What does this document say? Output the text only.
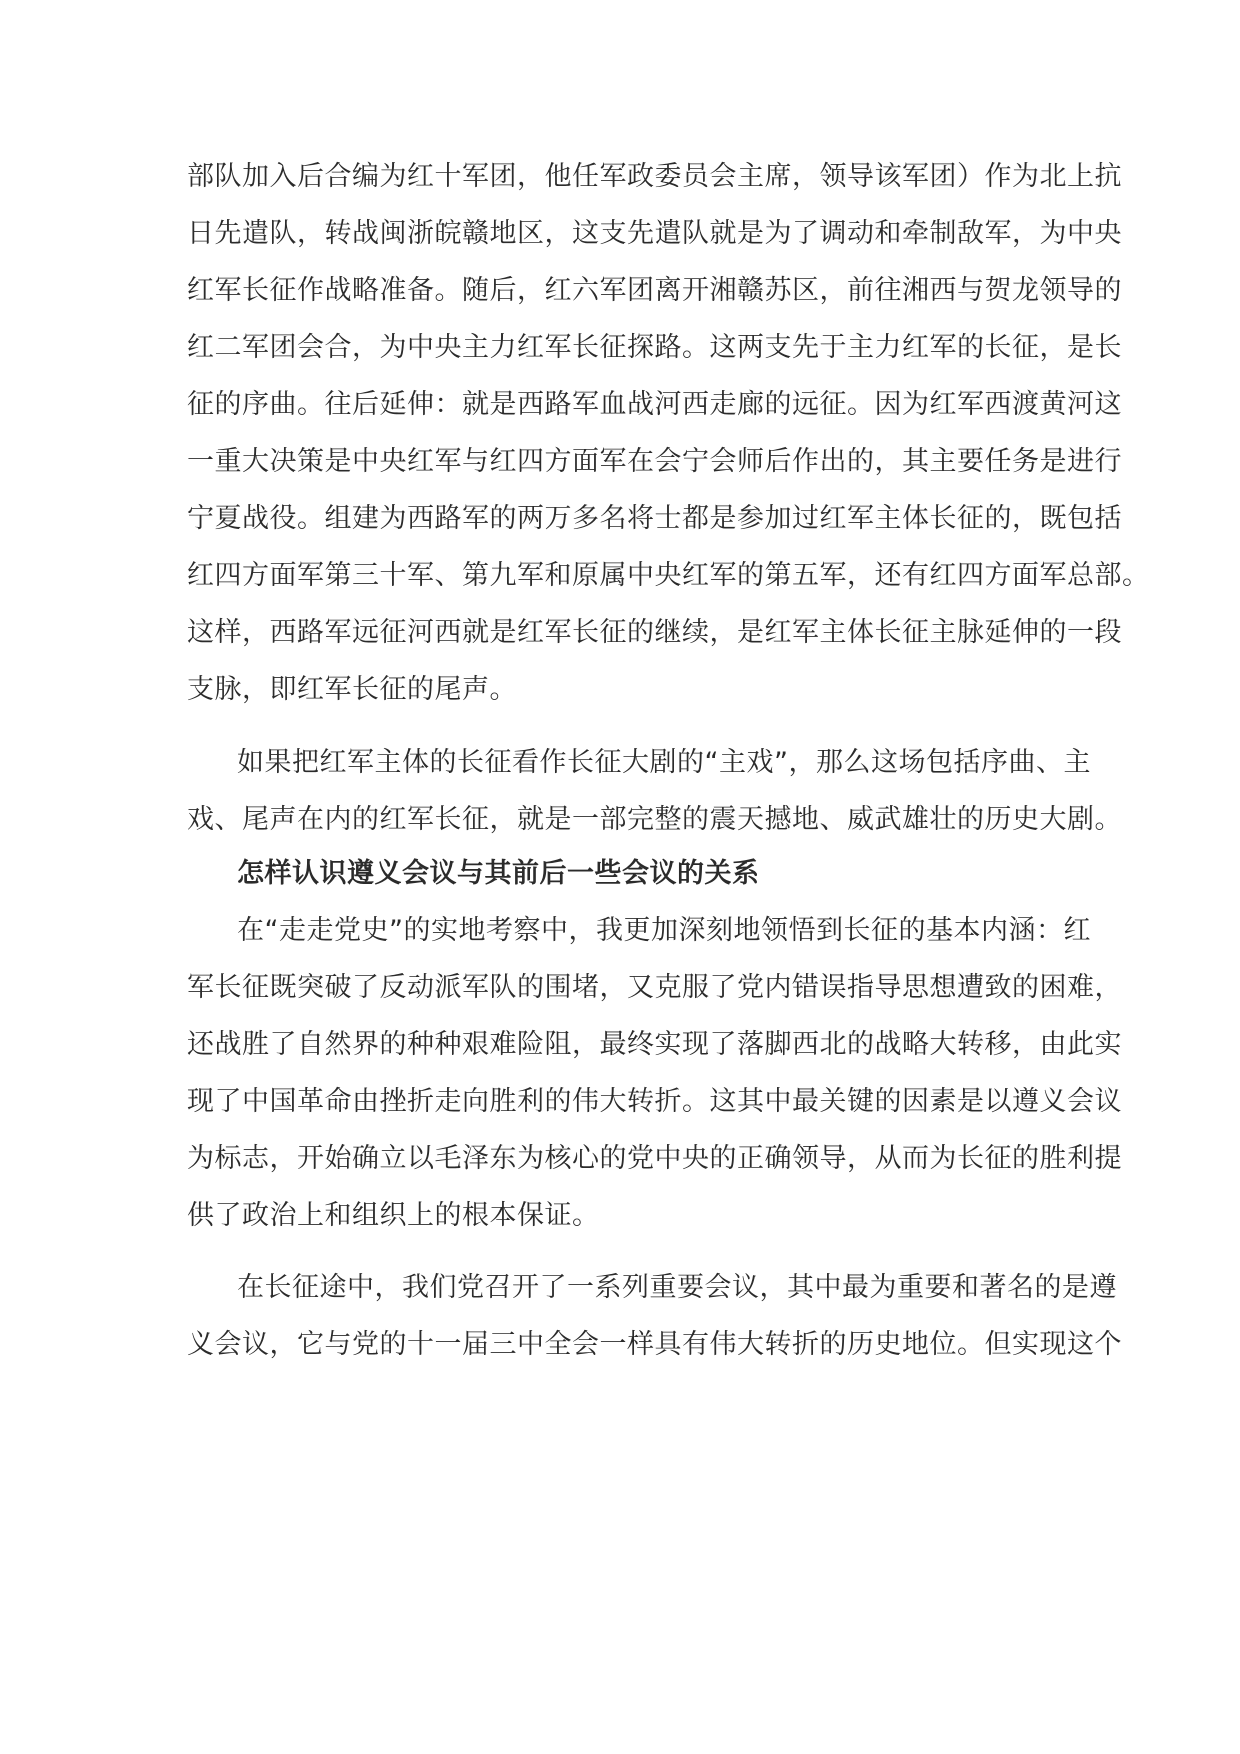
部队加入后合编为红十军团，他任军政委员会主席，领导该军团）作为北上抗
日先遣队，转战闽浙皖赣地区，这支先遣队就是为了调动和牵制敌军，为中央
红军长征作战略准备。随后，红六军团离开湘赣苏区，前往湘西与贺龙领导的
红二军团会合，为中央主力红军长征探路。这两支先于主力红军的长征，是长
征的序曲。往后延伸：就是西路军血战河西走廊的远征。因为红军西渡黄河这
一重大决策是中央红军与红四方面军在会宁会师后作出的，其主要任务是进行
宁夏战役。组建为西路军的两万多名将士都是参加过红军主体长征的，既包括
红四方面军第三十军、第九军和原属中央红军的第五军，还有红四方面军总部。
这样，西路军远征河西就是红军长征的继续，是红军主体长征主脉延伸的一段
支脉，即红军长征的尾声。
如果把红军主体的长征看作长征大剧的“主戏”，那么这场包括序曲、主
戏、尾声在内的红军长征，就是一部完整的震天撼地、威武雄壮的历史大剧。
怎样认识遵义会议与其前后一些会议的关系
在“走走党史”的实地考察中，我更加深刻地领悟到长征的基本内涵：红
军长征既突破了反动派军队的围堵，又克服了党内错误指导思想遭致的困难，
还战胜了自然界的种种艰难险阻，最终实现了落脚西北的战略大转移，由此实
现了中国革命由挫折走向胜利的伟大转折。这其中最关键的因素是以遵义会议
为标志，开始确立以毛泽东为核心的党中央的正确领导，从而为长征的胜利提
供了政治上和组织上的根本保证。
在长征途中，我们党召开了一系列重要会议，其中最为重要和著名的是遵
义会议，它与党的十一届三中全会一样具有伟大转折的历史地位。但实现这个
